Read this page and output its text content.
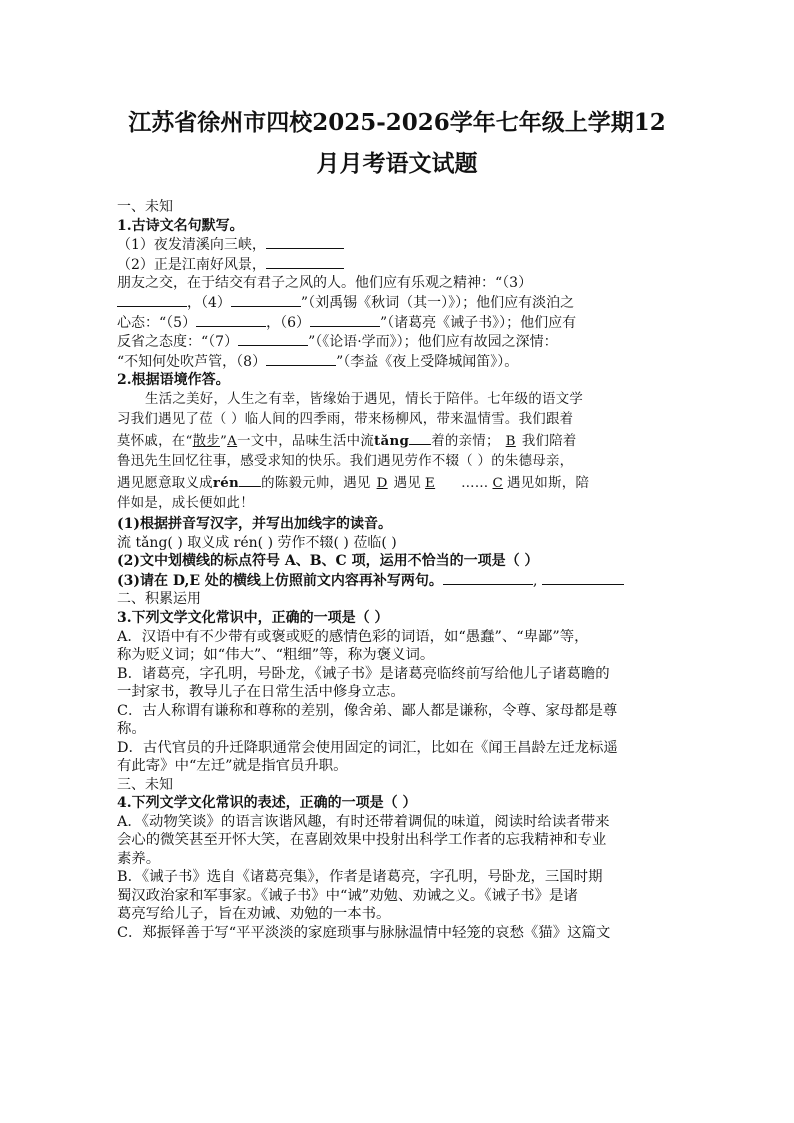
江苏省徐州市四校2025-2026学年七年级上学期12
月月考语文试题

一、未知

1.古诗文名句默写。

（1）夜发清溪向三峡，

（2）正是江南好风景，

朋友之交，在于结交有君子之风的人。他们应有乐观之精神：“（3）

，（4）	”（刘禹锡《秋词（其一）》）；他们应有淡泊之

心态：“（5）	，（6）	”（诸葛亮《诫子书》）；他们应有

反省之态度：“（7）	”（《论语·学而》）；他们应有故园之深情：

“不知何处吹芦管，（8）	”（李益《夜上受降城闻笛》）。

2.根据语境作答。

生活之美好，人生之有幸，皆缘始于遇见，情长于陪伴。七年级的语文学

习我们遇见了莅（ ）临人间的四季雨，带来杨柳风，带来温情雪。我们跟着

莫怀戚，在“散步”A一文中，品味生活中流tǎng 着的亲情； B 我们陪着

鲁迅先生回忆往事，感受求知的快乐。我们遇见劳作不辍（ ）的朱德母亲，

遇见愿意取义成rén 的陈毅元帅，遇见 D 遇见 E …… C 遇见如斯，陪

伴如是，成长便如此！

(1)根据拼音写汉字，并写出加线字的读音。

流 tǎng( ) 取义成 rén( ) 劳作不辍( ) 莅临( )

(2)文中划横线的标点符号 A、B、C 项，运用不恰当的一项是（ ）

(3)请在 D,E 处的横线上仿照前文内容再补写两句。	,

二、积累运用

3.下列文学文化常识中，正确的一项是（ ）

A．汉语中有不少带有或褒或贬的感情色彩的词语，如“愚蠢”、“卑鄙”等，

称为贬义词；如“伟大”、“粗细”等，称为褒义词。

B．诸葛亮，字孔明，号卧龙，《诫子书》是诸葛亮临终前写给他儿子诸葛瞻的

一封家书，教导儿子在日常生活中修身立志。

C．古人称谓有谦称和尊称的差别，像舍弟、鄙人都是谦称，令尊、家母都是尊

称。

D．古代官员的升迁降职通常会使用固定的词汇，比如在《闻王昌龄左迁龙标遥

有此寄》中“左迁”就是指官员升职。

三、未知

4.下列文学文化常识的表述，正确的一项是（ ）

A．《动物笑谈》的语言诙谐风趣，有时还带着调侃的味道，阅读时给读者带来

会心的微笑甚至开怀大笑，在喜剧效果中投射出科学工作者的忘我精神和专业

素养。

B．《诫子书》选自《诸葛亮集》，作者是诸葛亮，字孔明，号卧龙，三国时期

蜀汉政治家和军事家。《诫子书》中“诫”劝勉、劝诫之义。《诫子书》是诸

葛亮写给儿子，旨在劝诫、劝勉的一本书。

C．郑振铎善于写“平平淡淡的家庭琐事与脉脉温情中轻笼的哀愁《猫》这篇文
